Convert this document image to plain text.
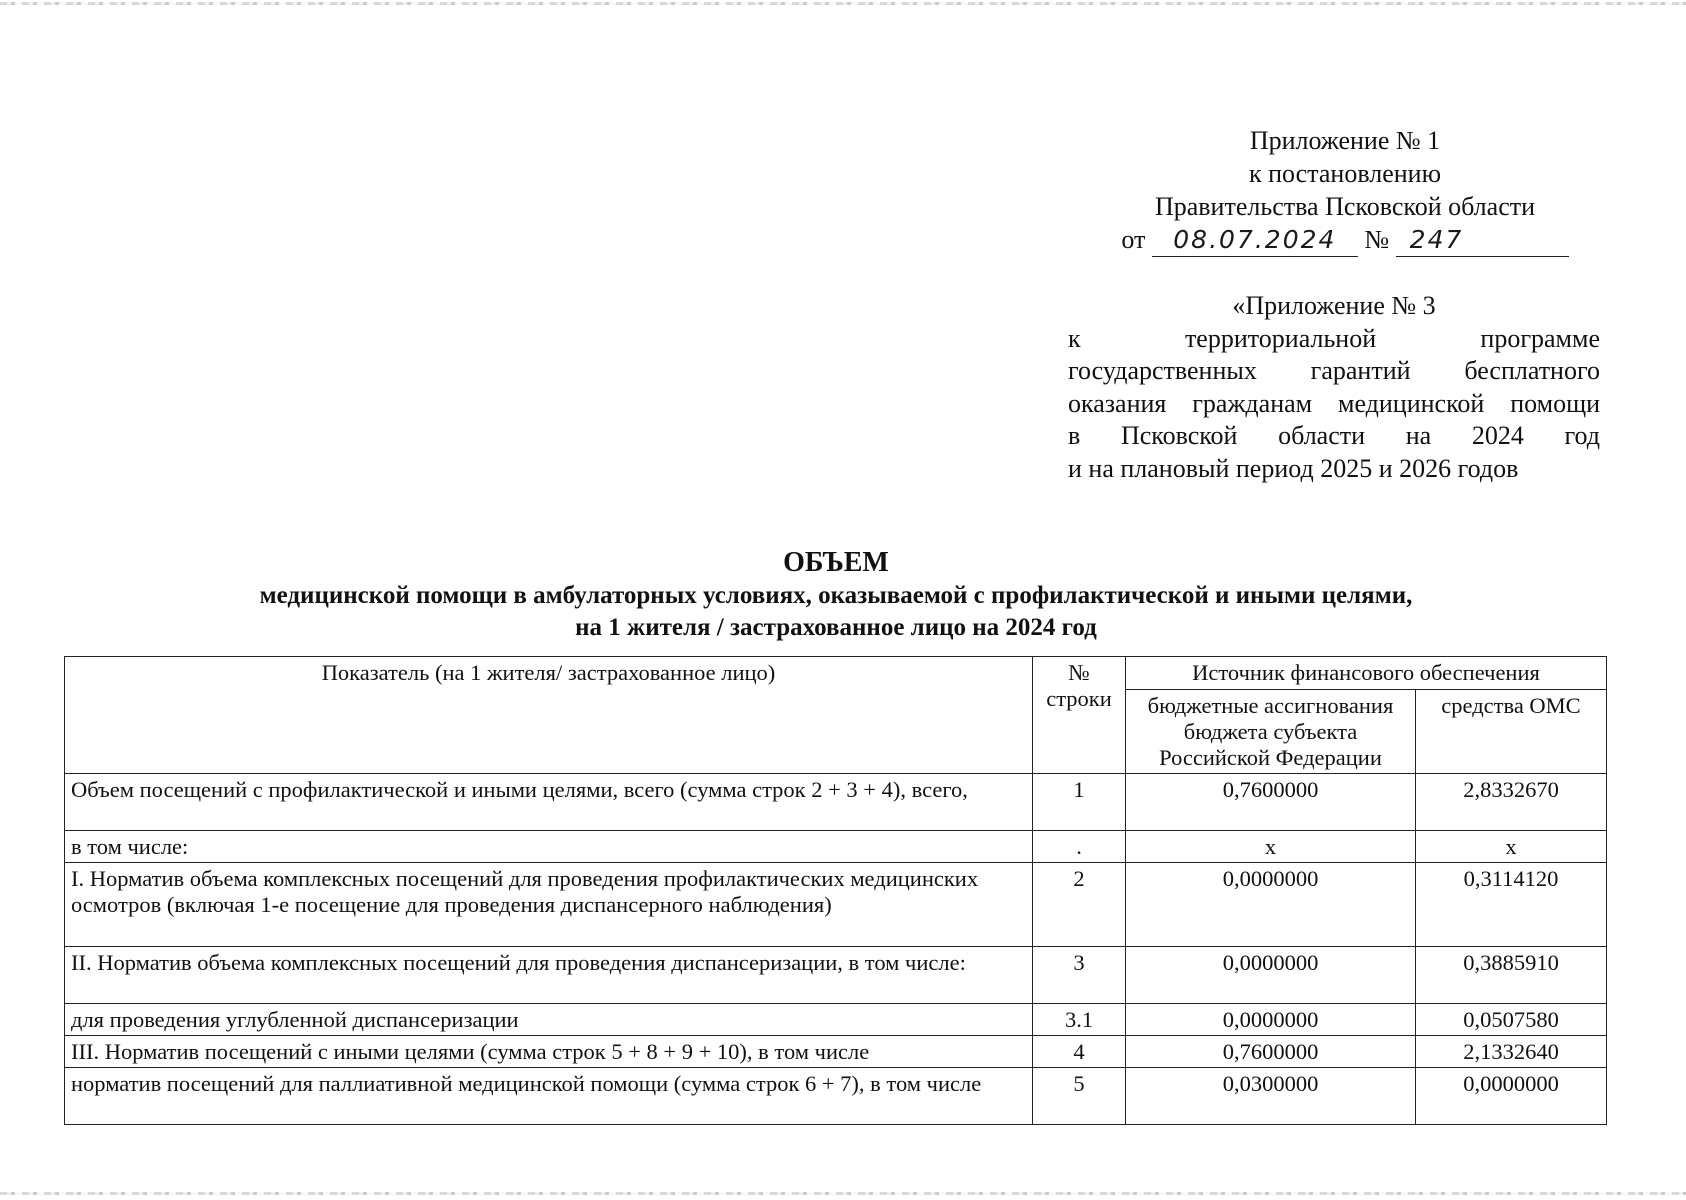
Приложение № 1
к постановлению
Правительства Псковской области
от 08.07.2024 № 247
«Приложение № 3
к территориальной программе
государственных гарантий бесплатного
оказания гражданам медицинской помощи
в Псковской области на 2024 год
и на плановый период 2025 и 2026 годов
ОБЪЕМ
медицинской помощи в амбулаторных условиях, оказываемой с профилактической и иными целями,
на 1 жителя / застрахованное лицо на 2024 год
Показатель (на 1 жителя/ застрахованное лицо)	№ строки	Источник финансового обеспечения	
		бюджетные ассигнования бюджета субъекта Российской Федерации	средства ОМС
Объем посещений с профилактической и иными целями, всего (сумма строк 2 + 3 + 4), всего,	1	0,7600000	2,8332670
в том числе:	.	x	x
I. Норматив объема комплексных посещений для проведения профилактических медицинских осмотров (включая 1-е посещение для проведения диспансерного наблюдения)	2	0,0000000	0,3114120
II. Норматив объема комплексных посещений для проведения диспансеризации, в том числе:	3	0,0000000	0,3885910
для проведения углубленной диспансеризации	3.1	0,0000000	0,0507580
III. Норматив посещений с иными целями (сумма строк 5 + 8 + 9 + 10), в том числе	4	0,7600000	2,1332640
норматив посещений для паллиативной медицинской помощи (сумма строк 6 + 7), в том числе	5	0,0300000	0,0000000
